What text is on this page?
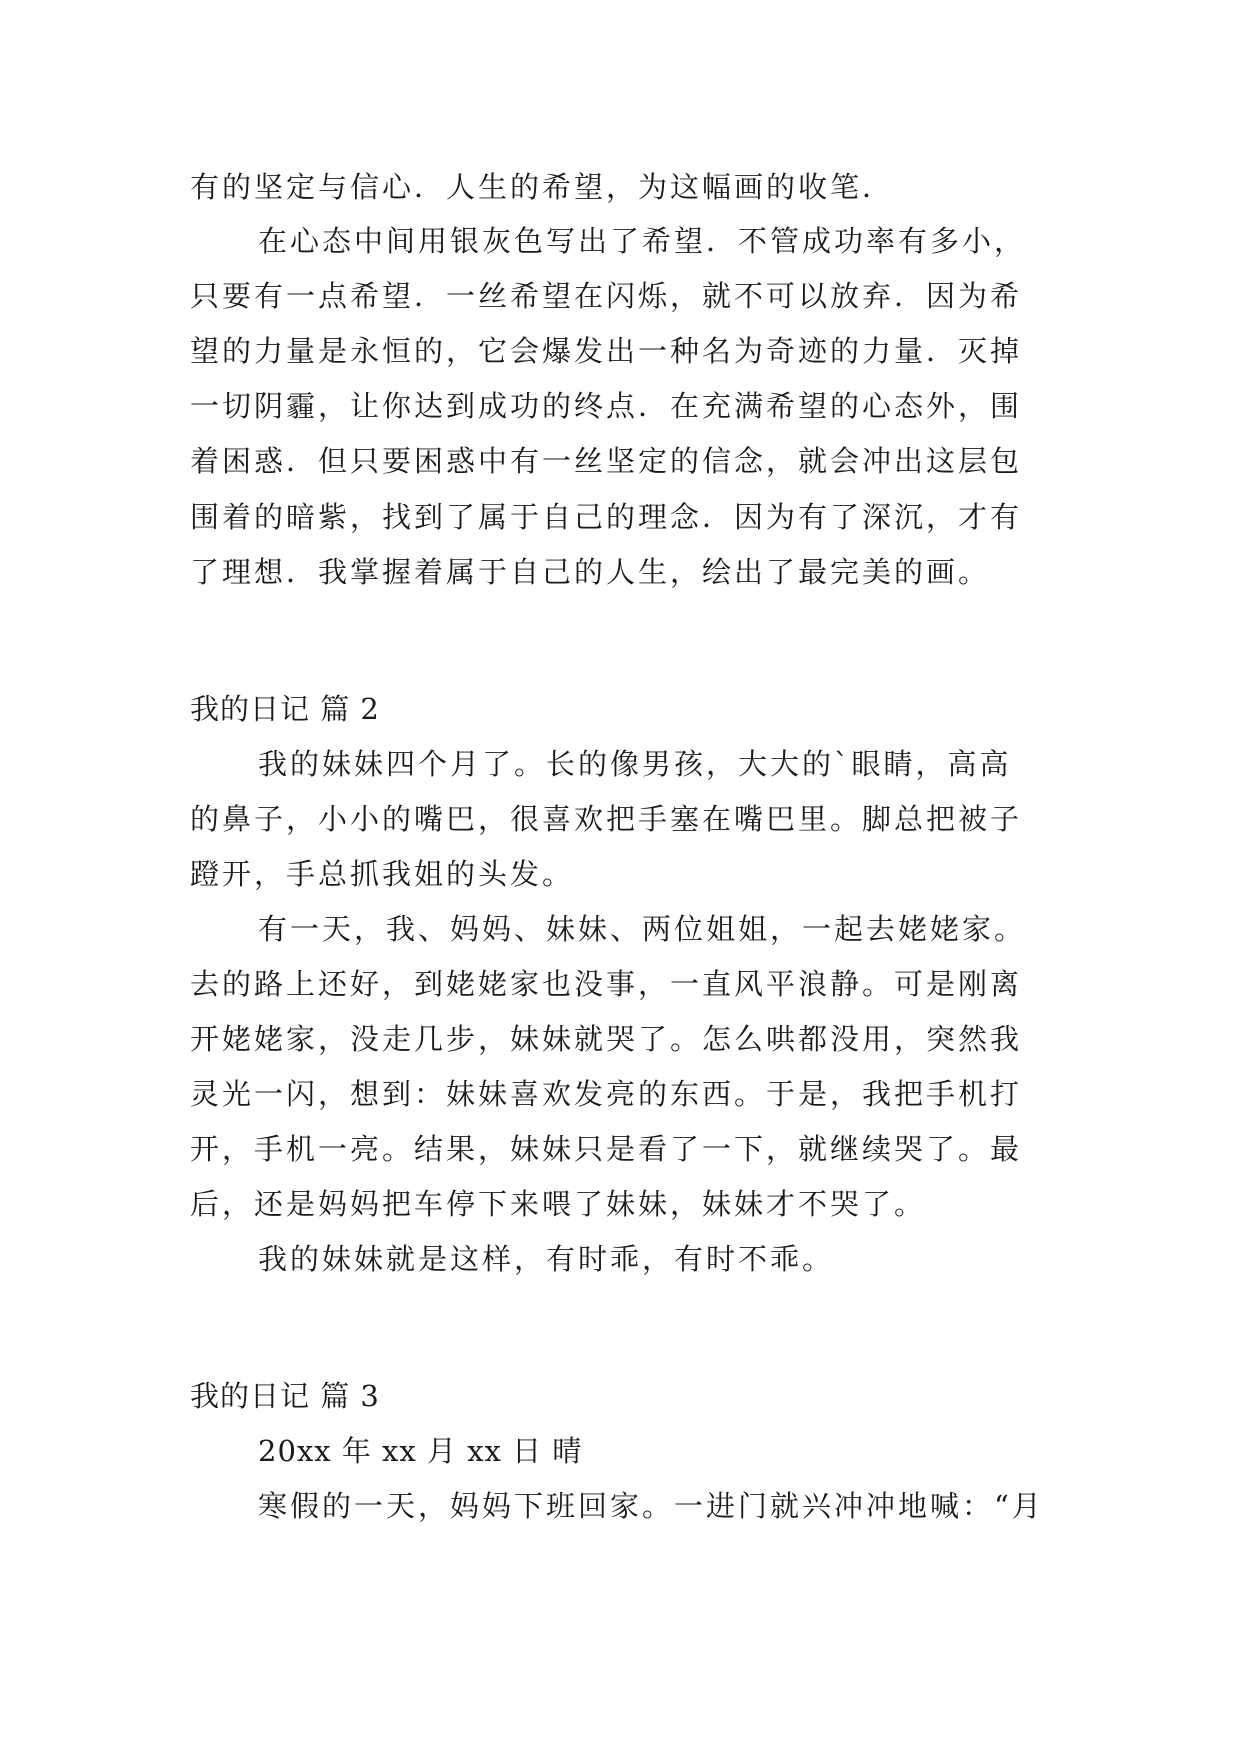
有的坚定与信心．人生的希望，为这幅画的收笔．
在心态中间用银灰色写出了希望．不管成功率有多小，
只要有一点希望．一丝希望在闪烁，就不可以放弃．因为希
望的力量是永恒的，它会爆发出一种名为奇迹的力量．灭掉
一切阴霾，让你达到成功的终点．在充满希望的心态外，围
着困惑．但只要困惑中有一丝坚定的信念，就会冲出这层包
围着的暗紫，找到了属于自己的理念．因为有了深沉，才有
了理想．我掌握着属于自己的人生，绘出了最完美的画。
我的日记 篇 2
我的妹妹四个月了。长的像男孩，大大的`眼睛，高高
的鼻子，小小的嘴巴，很喜欢把手塞在嘴巴里。脚总把被子
蹬开，手总抓我姐的头发。
有一天，我、妈妈、妹妹、两位姐姐，一起去姥姥家。
去的路上还好，到姥姥家也没事，一直风平浪静。可是刚离
开姥姥家，没走几步，妹妹就哭了。怎么哄都没用，突然我
灵光一闪，想到：妹妹喜欢发亮的东西。于是，我把手机打
开，手机一亮。结果，妹妹只是看了一下，就继续哭了。最
后，还是妈妈把车停下来喂了妹妹，妹妹才不哭了。
我的妹妹就是这样，有时乖，有时不乖。
我的日记 篇 3
20xx 年 xx 月 xx 日 晴
寒假的一天，妈妈下班回家。一进门就兴冲冲地喊：“月
